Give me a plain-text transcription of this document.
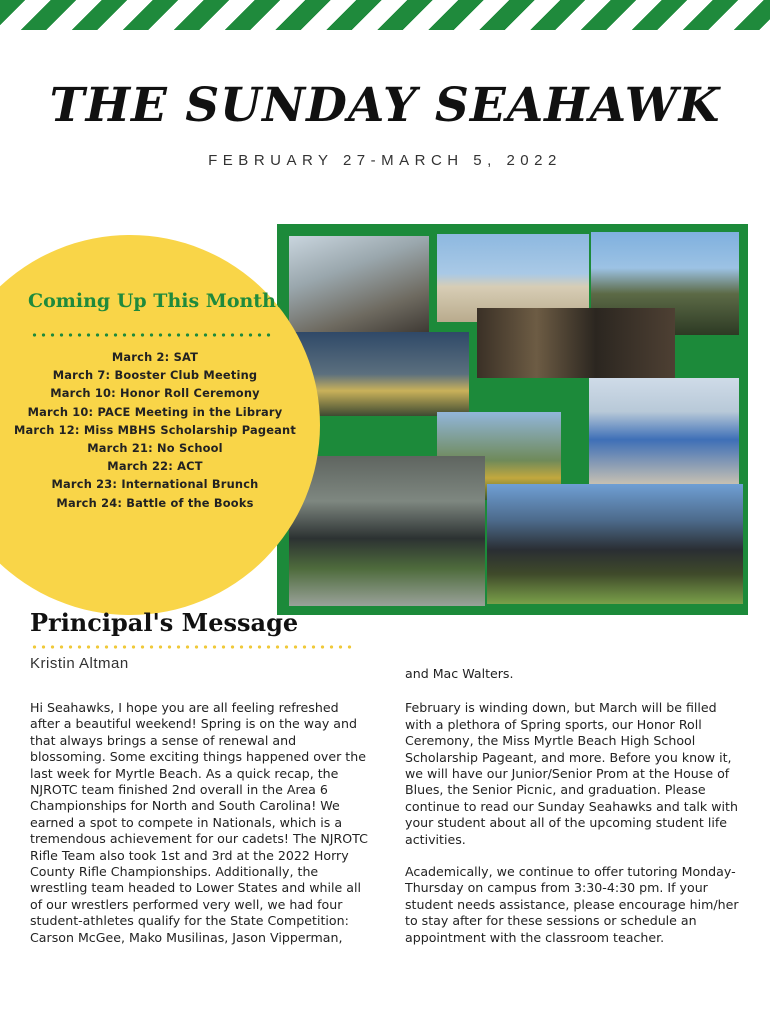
THE SUNDAY SEAHAWK
FEBRUARY 27-MARCH 5, 2022
Coming Up This Month:
March 2: SAT
March 7: Booster Club Meeting
March 10: Honor Roll Ceremony
March 10: PACE Meeting in the Library
March 12: Miss MBHS Scholarship Pageant
March 21: No School
March 22: ACT
March 23: International Brunch
March 24: Battle of the Books
Principal's Message
Kristin Altman

Hi Seahawks, I hope you are all feeling refreshed after a beautiful weekend! Spring is on the way and that always brings a sense of renewal and blossoming. Some exciting things happened over the last week for Myrtle Beach. As a quick recap, the NJROTC team finished 2nd overall in the Area 6 Championships for North and South Carolina! We earned a spot to compete in Nationals, which is a tremendous achievement for our cadets! The NJROTC Rifle Team also took 1st and 3rd at the 2022 Horry County Rifle Championships. Additionally, the wrestling team headed to Lower States and while all of our wrestlers performed very well, we had four student-athletes qualify for the State Competition: Carson McGee, Mako Musilinas, Jason Vipperman,

and Mac Walters.

February is winding down, but March will be filled with a plethora of Spring sports, our Honor Roll Ceremony, the Miss Myrtle Beach High School Scholarship Pageant, and more. Before you know it, we will have our Junior/Senior Prom at the House of Blues, the Senior Picnic, and graduation. Please continue to read our Sunday Seahawks and talk with your student about all of the upcoming student life activities.

Academically, we continue to offer tutoring Monday-Thursday on campus from 3:30-4:30 pm. If your student needs assistance, please encourage him/her to stay after for these sessions or schedule an appointment with the classroom teacher.
